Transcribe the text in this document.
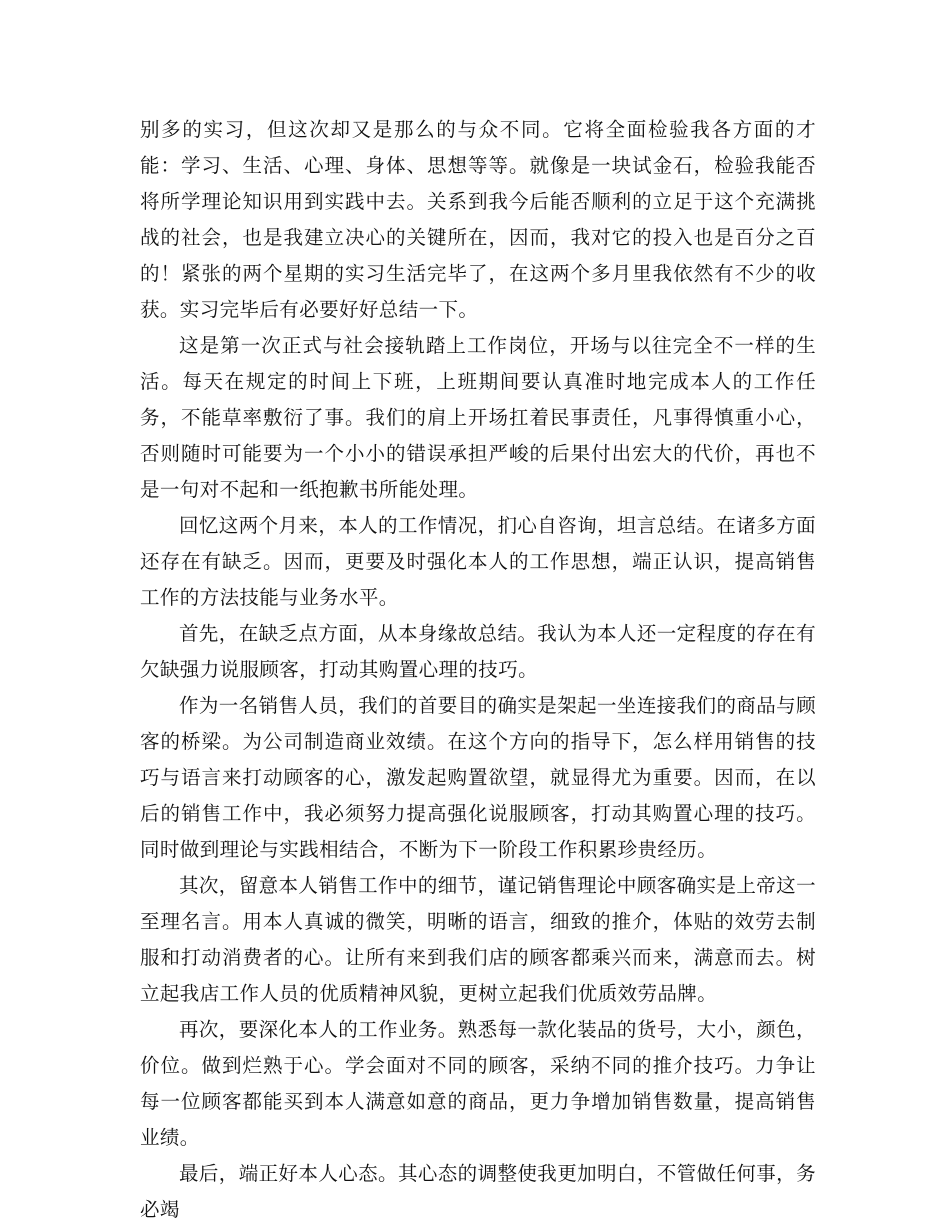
别多的实习，但这次却又是那么的与众不同。它将全面检验我各方面的才能：学习、生活、心理、身体、思想等等。就像是一块试金石，检验我能否将所学理论知识用到实践中去。关系到我今后能否顺利的立足于这个充满挑战的社会，也是我建立决心的关键所在，因而，我对它的投入也是百分之百的！紧张的两个星期的实习生活完毕了，在这两个多月里我依然有不少的收获。实习完毕后有必要好好总结一下。

这是第一次正式与社会接轨踏上工作岗位，开场与以往完全不一样的生活。每天在规定的时间上下班，上班期间要认真准时地完成本人的工作任务，不能草率敷衍了事。我们的肩上开场扛着民事责任，凡事得慎重小心，否则随时可能要为一个小小的错误承担严峻的后果付出宏大的代价，再也不是一句对不起和一纸抱歉书所能处理。

回忆这两个月来，本人的工作情况，扪心自咨询，坦言总结。在诸多方面还存在有缺乏。因而，更要及时强化本人的工作思想，端正认识，提高销售工作的方法技能与业务水平。

首先，在缺乏点方面，从本身缘故总结。我认为本人还一定程度的存在有欠缺强力说服顾客，打动其购置心理的技巧。

作为一名销售人员，我们的首要目的确实是架起一坐连接我们的商品与顾客的桥梁。为公司制造商业效绩。在这个方向的指导下，怎么样用销售的技巧与语言来打动顾客的心，激发起购置欲望，就显得尤为重要。因而，在以后的销售工作中，我必须努力提高强化说服顾客，打动其购置心理的技巧。同时做到理论与实践相结合，不断为下一阶段工作积累珍贵经历。

其次，留意本人销售工作中的细节，谨记销售理论中顾客确实是上帝这一至理名言。用本人真诚的微笑，明晰的语言，细致的推介，体贴的效劳去制服和打动消费者的心。让所有来到我们店的顾客都乘兴而来，满意而去。树立起我店工作人员的优质精神风貌，更树立起我们优质效劳品牌。

再次，要深化本人的工作业务。熟悉每一款化装品的货号，大小，颜色，价位。做到烂熟于心。学会面对不同的顾客，采纳不同的推介技巧。力争让每一位顾客都能买到本人满意如意的商品，更力争增加销售数量，提高销售业绩。

最后，端正好本人心态。其心态的调整使我更加明白，不管做任何事，务必竭
